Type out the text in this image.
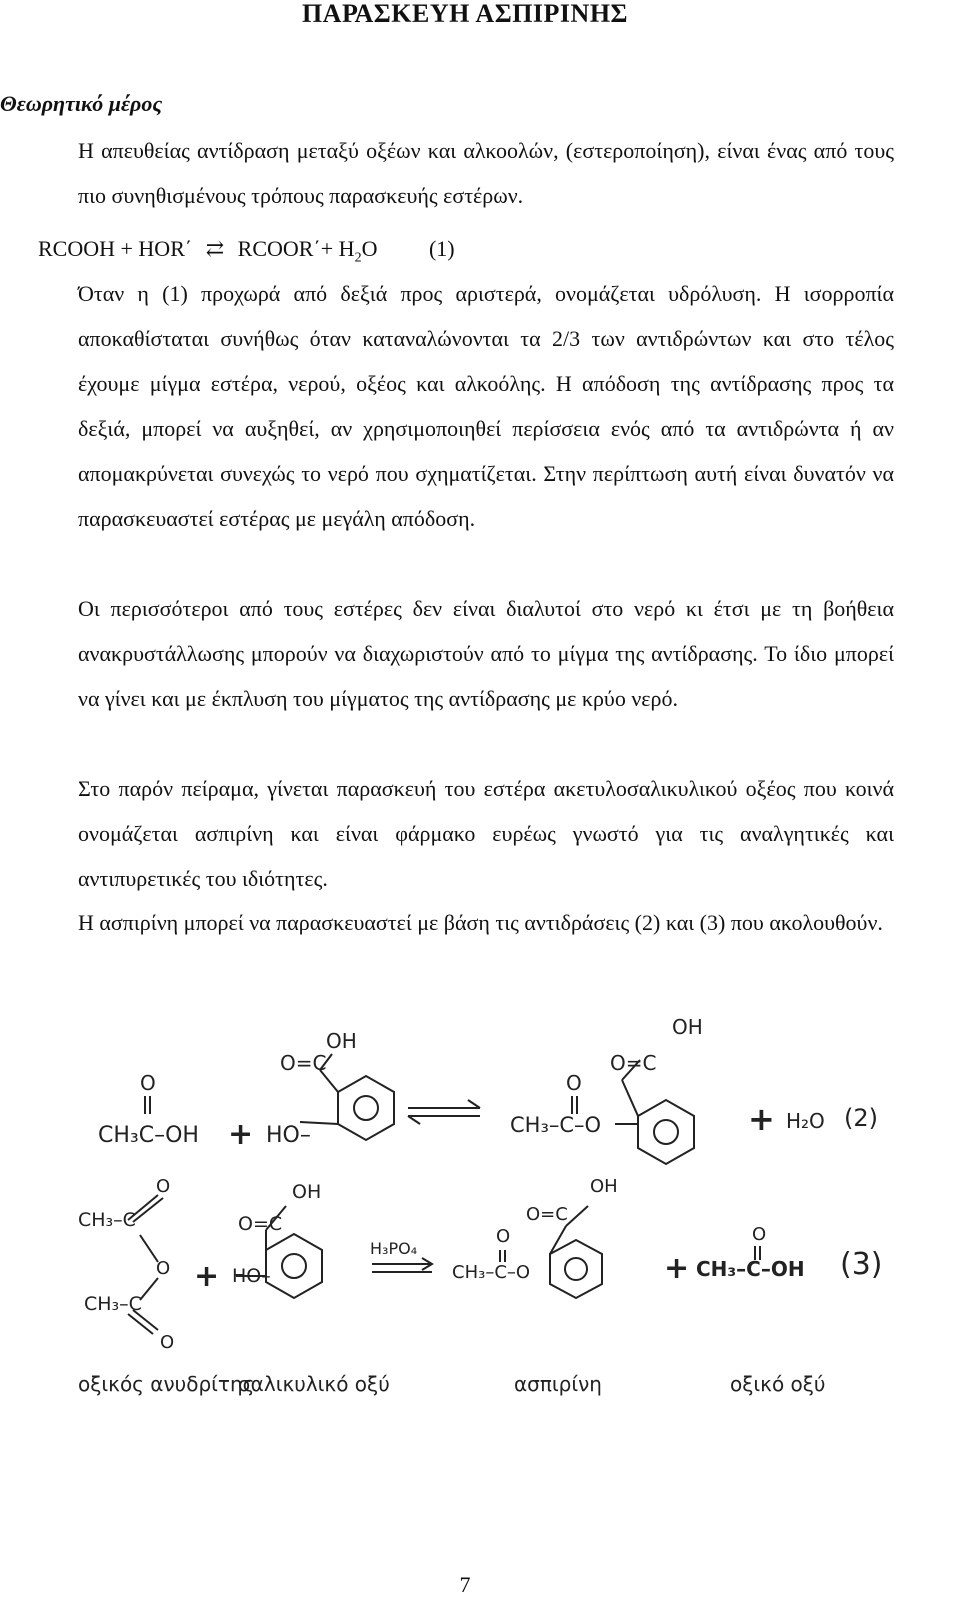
ΠΑΡΑΣΚΕΥΗ ΑΣΠΙΡΙΝΗΣ
Θεωρητικό μέρος
Η απευθείας αντίδραση μεταξύ οξέων και αλκοολών, (εστεροποίηση), είναι ένας από τους πιο συνηθισμένους τρόπους παρασκευής εστέρων.
RCOOH + HOR΄ ⇄ RCOOR΄+ $H_2O$ (1)
Όταν η (1) προχωρά από δεξιά προς αριστερά, ονομάζεται υδρόλυση. Η ισορροπία αποκαθίσταται συνήθως όταν καταναλώνονται τα 2/3 των αντιδρώντων και στο τέλος έχουμε μίγμα εστέρα, νερού, οξέος και αλκοόλης. Η απόδοση της αντίδρασης προς τα δεξιά, μπορεί να αυξηθεί, αν χρησιμοποιηθεί περίσσεια ενός από τα αντιδρώντα ή αν απομακρύνεται συνεχώς το νερό που σχηματίζεται. Στην περίπτωση αυτή είναι δυνατόν να παρασκευαστεί εστέρας με μεγάλη απόδοση.
Οι περισσότεροι από τους εστέρες δεν είναι διαλυτοί στο νερό κι έτσι με τη βοήθεια ανακρυστάλλωσης μπορούν να διαχωριστούν από το μίγμα της αντίδρασης. Το ίδιο μπορεί να γίνει και με έκπλυση του μίγματος της αντίδρασης με κρύο νερό.
Στο παρόν πείραμα, γίνεται παρασκευή του εστέρα ακετυλοσαλικυλικού οξέος που κοινά ονομάζεται ασπιρίνη και είναι φάρμακο ευρέως γνωστό για τις αναλγητικές και αντιπυρετικές του ιδιότητες.
Η ασπιρίνη μπορεί να παρασκευαστεί με βάση τις αντιδράσεις (2) και (3) που ακολουθούν.
O
CH₃C–OH + HO–
O=C
OH
O
CH₃–C–O
O=C
OH
+ H₂O (2)
O
CH₃–C
O
CH₃–C
O
+ HO–
O=C
OH
H₃PO₄
O
CH₃–C–O
O=C
OH
+
O
CH₃–C–OH (3)
οξικός ανυδρίτης
σαλικυλικό οξύ	ασπιρίνη	οξικό οξύ
7
